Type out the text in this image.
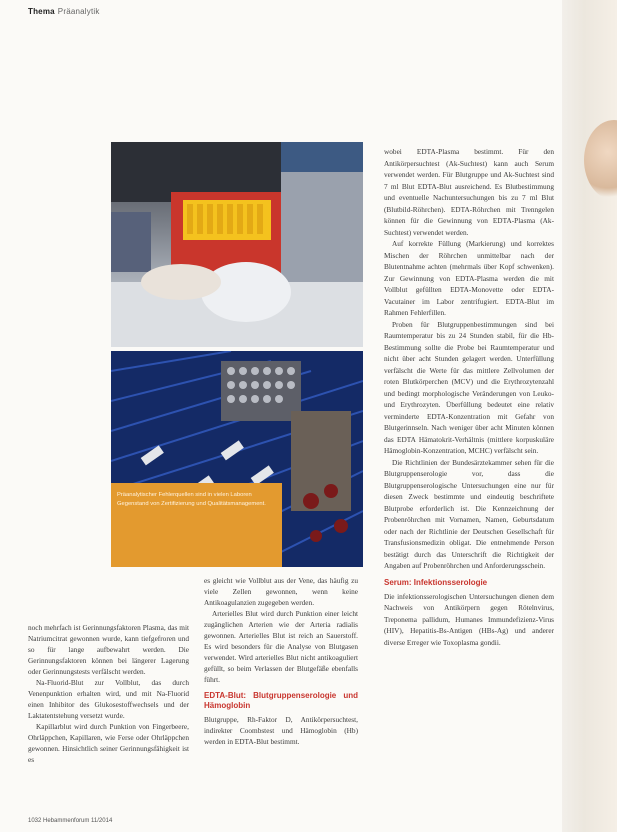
Thema Präanalytik

Präanalytischer Fehlerquellen sind in vielen Laboren Gegenstand von Zertifizierung und Qualitätsmanagement.

noch mehrfach ist Gerinnungsfaktoren Plasma, das mit Natriumcitrat gewonnen wurde, kann tiefgefroren und so für lange aufbewahrt werden. Die Gerinnungsfaktoren können bei längerer Lagerung oder Gerinnungstests verfälscht werden.

Na-Fluorid-Blut zur Vollblut, das durch Venenpunktion erhalten wird, und mit Na-Fluorid einen Inhibitor des Glukosestoffwechsels und der Laktatentstehung versetzt wurde.

Kapillarblut wird durch Punktion von Fingerbeere, Ohrläppchen, Kapillaren, wie Ferse oder Ohrläppchen gewonnen. Hinsichtlich seiner Gerinnungsfähigkeit ist es

es gleicht wie Vollblut aus der Vene, das häufig zu viele Zellen gewonnen, wenn keine Antikoagulanzien zugegeben werden.

Arterielles Blut wird durch Punktion einer leicht zugänglichen Arterien wie der Arteria radialis gewonnen. Arterielles Blut ist reich an Sauerstoff. Es wird besonders für die Analyse von Blutgasen verwendet. Wird arterielles Blut nicht antikoaguliert gefüllt, so beim Verlassen der Blutgefäße ebenfalls führt.

EDTA-Blut: Blutgruppenserologie und Hämoglobin

Blutgruppe, Rh-Faktor D, Antikörpersuchtest, indirekter Coombstest und Hämoglobin (Hb) werden in EDTA-Blut bestimmt.

wobei EDTA-Plasma bestimmt. Für den Antikörpersuchtest (Ak-Suchtest) kann auch Serum verwendet werden. Für Blutgruppe und Ak-Suchtest sind 7 ml Blut EDTA-Blut ausreichend. Es Blutbestimmung und eventuelle Nachuntersuchungen bis zu 7 ml Blut (Blutbild-Röhrchen). EDTA-Röhrchen mit Trenngelen können für die Gewinnung von EDTA-Plasma (Ak-Suchtest) verwendet werden.

Auf korrekte Füllung (Markierung) und korrektes Mischen der Röhrchen unmittelbar nach der Blutentnahme achten (mehrmals über Kopf schwenken). Zur Gewinnung von EDTA-Plasma werden die mit Vollblut gefüllten EDTA-Monovette oder EDTA-Vacutainer im Labor zentrifugiert. EDTA-Blut im Rahmen Fehlerfillen.

Proben für Blutgruppenbestimmungen sind bei Raumtemperatur bis zu 24 Stunden stabil, für die Hb-Bestimmung sollte die Probe bei Raumtemperatur und nicht über acht Stunden gelagert werden. Unterfüllung verfälscht die Werte für das mittlere Zellvolumen der roten Blutkörperchen (MCV) und die Erythrozytenzahl und bedingt morphologische Veränderungen von Leuko- und Erythrozyten. Überfüllung bedeutet eine relativ verminderte EDTA-Konzentration mit Gefahr von Blutgerinnseln. Nach weniger über acht Minuten können das EDTA Hämatokrit-Verhältnis (mittlere korpuskuläre Hämoglobin-Konzentration, MCHC) verfälscht sein.

Die Richtlinien der Bundesärztekammer sehen für die Blutgruppenserologie vor, dass die Blutgruppenserologische Untersuchungen eine nur für diesen Zweck bestimmte und eindeutig beschriftete Blutprobe erforderlich ist. Die Kennzeichnung der Probenröhrchen mit Vornamen, Namen, Geburtsdatum oder nach der Richtlinie der Deutschen Gesellschaft für Transfusionsmedizin obligat. Die entnehmende Person bestätigt durch das Unterschrift die Richtigkeit der Angaben auf Probenröhrchen und Anforderungsschein.

Serum: Infektionsserologie

Die infektionsserologischen Untersuchungen dienen dem Nachweis von Antikörpern gegen Rötelnvirus, Treponema pallidum, Humanes Immundefizienz-Virus (HIV), Hepatitis-Bs-Antigen (HBs-Ag) und anderer diverse Erreger wie Toxoplasma gondii.

1032 Hebammenforum 11/2014
